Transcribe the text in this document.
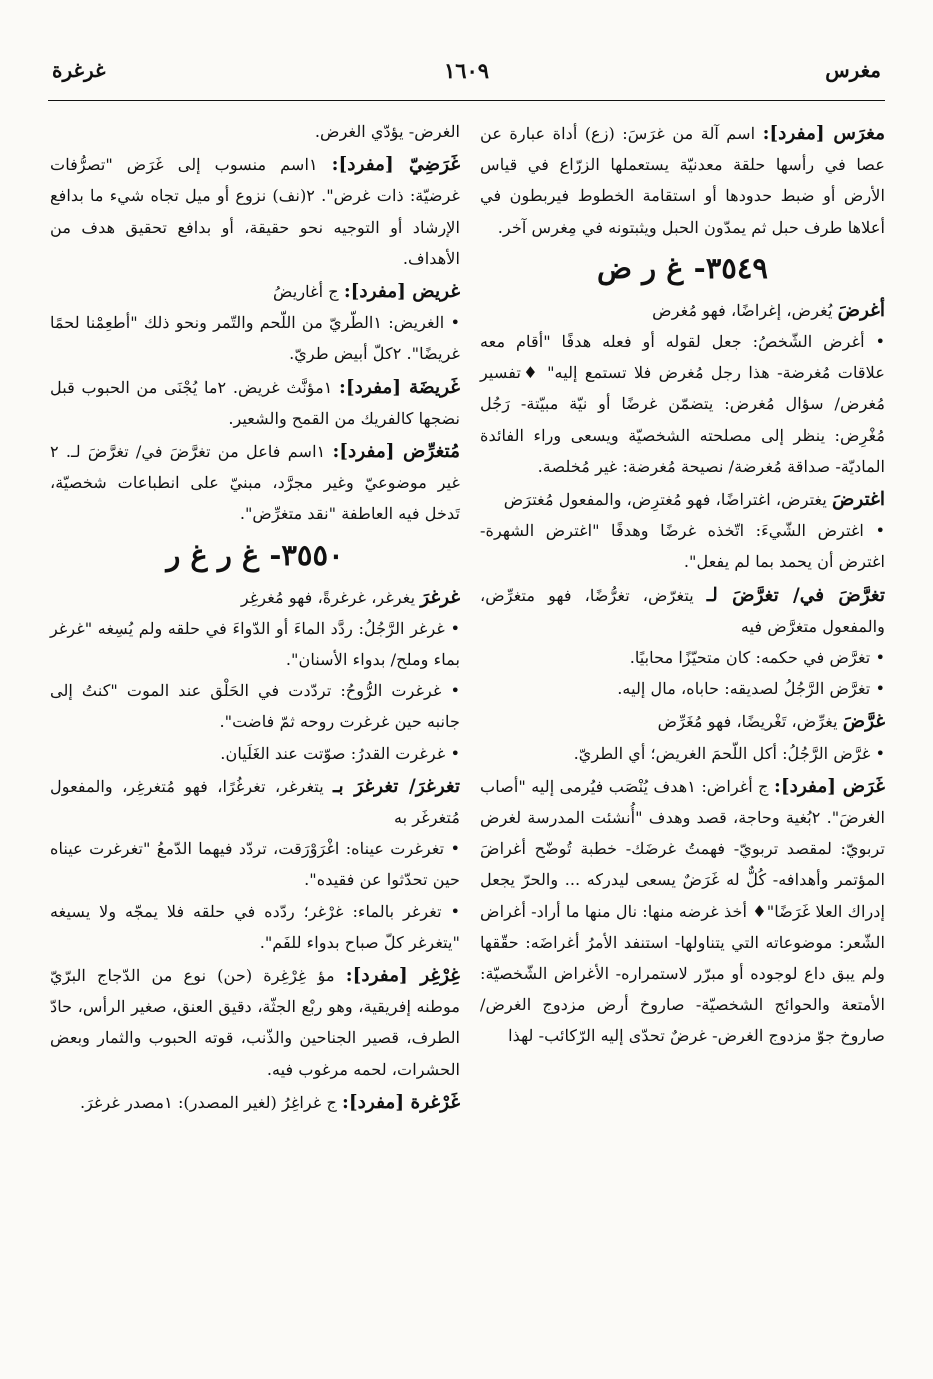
مغرس
١٦٠٩
غرغرة

مغرَس [مفرد]: اسم آلة من غرَسَ: (زع) أداة عبارة عن عصا في رأسها حلقة معدنيّة يستعملها الزرّاع في قياس الأرض أو ضبط حدودها أو استقامة الخطوط فيربطون في أعلاها طرف حبل ثم يمدّون الحبل ويثبتونه في مِغرس آخر.

٣٥٤٩- غ ر ض

أغرضَ يُغرض، إغراضًا، فهو مُغرض

• أغرض الشّخصُ: جعل لقوله أو فعله هدفًا "أقام معه علاقات مُغرضة- هذا رجل مُغرض فلا تستمع إليه" ♦تفسير مُغرض/ سؤال مُغرض: يتضمّن غرضًا أو نيّة مبيّتة- رَجُل مُغْرِض: ينظر إلى مصلحته الشخصيّة ويسعى وراء الفائدة الماديّة- صداقة مُغرضة/ نصيحة مُغرضة: غير مُخلصة.

اغترضَ يغترض، اغتراضًا، فهو مُغترِض، والمفعول مُغترَض

• اغترض الشّيءَ: اتّخذه غرضًا وهدفًا "اغترض الشهرة- اغترض أن يحمد بما لم يفعل".

تغرَّضَ في/ تغرَّضَ لـ يتغرّض، تغرُّضًا، فهو متغرِّض، والمفعول متغرَّض فيه

• تغرَّض في حكمه: كان متحيّزًا محابيًا.

• تغرَّض الرَّجُلُ لصديقه: حاباه، مال إليه.

غرَّضَ يغرِّض، تَغْريضًا، فهو مُغَرِّض

• غرَّض الرَّجُلُ: أكل اللّحمَ الغريض؛ أي الطريّ.

غَرَض [مفرد]: ج أغراض: ١هدف يُنْصَب فيُرمى إليه "أصاب الغرضَ". ٢بُغية وحاجة، قصد وهدف "أُنشئت المدرسة لغرض تربويّ: لمقصد تربويّ- فهمتُ غرضَك- خطبة تُوضّح أغراضَ المؤتمر وأهدافه- كُلٌّ له غَرَضٌ يسعى ليدركه ... والحرّ يجعل إدراك العلا غَرَضًا"♦ أخذ غرضه منها: نال منها ما أراد- أغراض الشّعر: موضوعاته التي يتناولها- استنفد الأمرُ أغراضَه: حقّقها ولم يبق داع لوجوده أو مبرّر لاستمراره- الأغراض الشّخصيّة: الأمتعة والحوائج الشخصيّة- صاروخ أرض مزدوج الغرض/ صاروخ جوّ مزدوج الغرض- غرضٌ تحدّى إليه الرّكائب- لهذا

الغرض- يؤدّي الغرض.

غَرَضِيّ [مفرد]: ١اسم منسوب إلى غَرَض "تصرُّفات غرضيّة: ذات غرض". ٢(نف) نزوع أو ميل تجاه شيء ما بدافع الإرشاد أو التوجيه نحو حقيقة، أو بدافع تحقيق هدف من الأهداف.

غريض [مفرد]: ج أغاريضُ

• الغريض: ١الطّريّ من اللّحم والتّمر ونحو ذلك "أطعِمْنا لحمًا غريضًا". ٢كلّ أبيض طريّ.

غَريضَة [مفرد]: ١مؤنَّث غريض. ٢ما يُجْنَى من الحبوب قبل نضجها كالفريك من القمح والشعير.

مُتغرِّض [مفرد]: ١اسم فاعل من تغرَّضَ في/ تغرَّضَ لـ. ٢ غير موضوعيّ وغير مجرَّد، مبنيّ على انطباعات شخصيّة، تَدخل فيه العاطفة "نقد متغرِّض".

٣٥٥٠- غ ر غ ر

غرغرَ يغرغر، غرغرةً، فهو مُغرغِر

• غرغر الرَّجُلُ: ردَّد الماءَ أو الدّواءَ في حلقه ولم يُسِغه "غرغر بماء وملح/ بدواء الأسنان".

• غرغرت الرُّوحُ: تردّدت في الحَلْق عند الموت "كنتُ إلى جانبه حين غرغرت روحه ثمّ فاضت".

• غرغرت القدرُ: صوّتت عند الغَلَيان.

تغرغرَ/ تغرغرَ بـ يتغرغر، تغرغُرًا، فهو مُتغرغِر، والمفعول مُتغرغَر به

• تغرغرت عيناه: اغْرَوْرَقت، تردّد فيهما الدّمعُ "تغرغرت عيناه حين تحدّثوا عن فقيده".

• تغرغر بالماء: غرْغر؛ ردّده في حلقه فلا يمجّه ولا يسيغه "يتغرغر كلّ صباح بدواء للفَم".

غِرْغِر [مفرد]: مؤ غِرْغِرة (حن) نوع من الدّجاج البرّيّ موطنه إفريقية، وهو ربْع الجثّة، دقيق العنق، صغير الرأس، حادّ الطرف، قصير الجناحين والذّنب، قوته الحبوب والثمار وبعض الحشرات، لحمه مرغوب فيه.

غَرْغرة [مفرد]: ج غراغِرُ (لغير المصدر): ١مصدر غرغرَ.
